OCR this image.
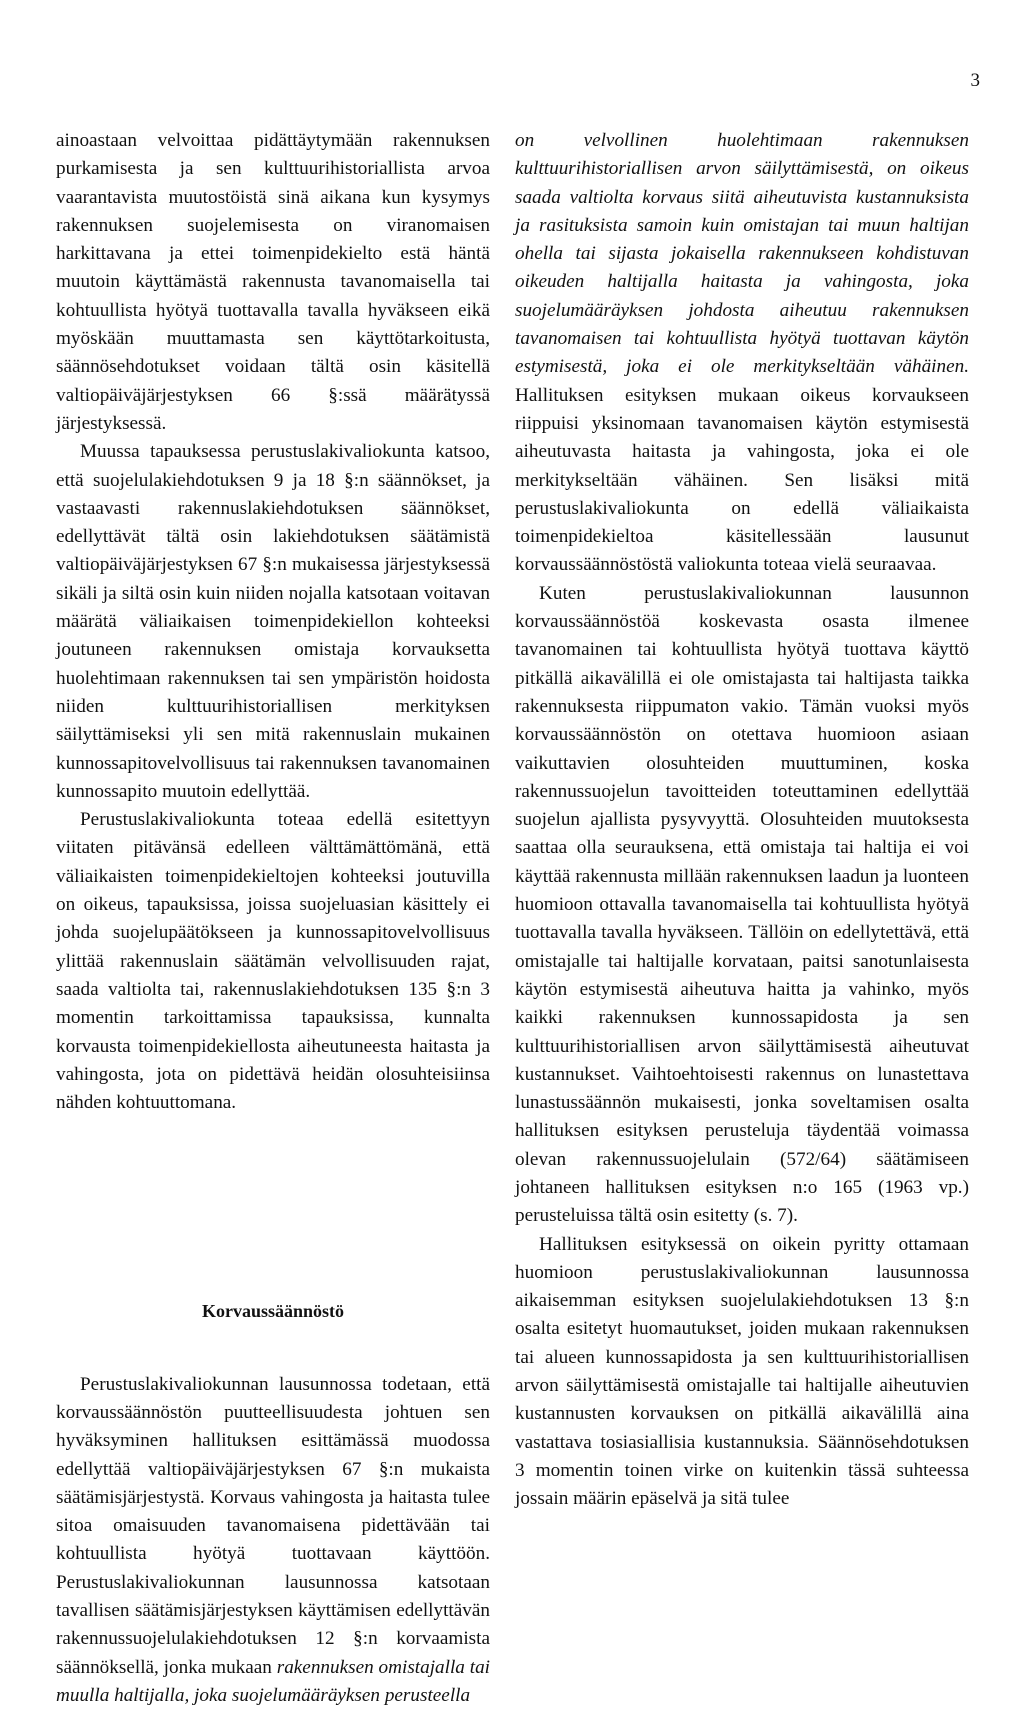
3

ainoastaan velvoittaa pidättäytymään rakennuksen purkamisesta ja sen kulttuurihistoriallista arvoa vaarantavista muutostöistä sinä aikana kun kysymys rakennuksen suojelemisesta on viranomaisen harkittavana ja ettei toimenpidekielto estä häntä muutoin käyttämästä rakennusta tavanomaisella tai kohtuullista hyötyä tuottavalla tavalla hyväkseen eikä myöskään muuttamasta sen käyttötarkoitusta, säännösehdotukset voidaan tältä osin käsitellä valtiopäiväjärjestyksen 66 §:ssä määrätyssä järjestyksessä.

Muussa tapauksessa perustuslakivaliokunta katsoo, että suojelulakiehdotuksen 9 ja 18 §:n säännökset, ja vastaavasti rakennuslakiehdotuksen säännökset, edellyttävät tältä osin lakiehdotuksen säätämistä valtiopäiväjärjestyksen 67 §:n mukaisessa järjestyksessä sikäli ja siltä osin kuin niiden nojalla katsotaan voitavan määrätä väliaikaisen toimenpidekiellon kohteeksi joutuneen rakennuksen omistaja korvauksetta huolehtimaan rakennuksen tai sen ympäristön hoidosta niiden kulttuurihistoriallisen merkityksen säilyttämiseksi yli sen mitä rakennuslain mukainen kunnossapitovelvollisuus tai rakennuksen tavanomainen kunnossapito muutoin edellyttää.

Perustuslakivaliokunta toteaa edellä esitettyyn viitaten pitävänsä edelleen välttämättömänä, että väliaikaisten toimenpidekieltojen kohteeksi joutuvilla on oikeus, tapauksissa, joissa suojeluasian käsittely ei johda suojelupäätökseen ja kunnossapitovelvollisuus ylittää rakennuslain säätämän velvollisuuden rajat, saada valtiolta tai, rakennuslakiehdotuksen 135 §:n 3 momentin tarkoittamissa tapauksissa, kunnalta korvausta toimenpidekiellosta aiheutuneesta haitasta ja vahingosta, jota on pidettävä heidän olosuhteisiinsa nähden kohtuuttomana.

Korvaussäännöstö

Perustuslakivaliokunnan lausunnossa todetaan, että korvaussäännöstön puutteellisuudesta johtuen sen hyväksyminen hallituksen esittämässä muodossa edellyttää valtiopäiväjärjestyksen 67 §:n mukaista säätämisjärjestystä. Korvaus vahingosta ja haitasta tulee sitoa omaisuuden tavanomaisena pidettävään tai kohtuullista hyötyä tuottavaan käyttöön. Perustuslakivaliokunnan lausunnossa katsotaan tavallisen säätämisjärjestyksen käyttämisen edellyttävän rakennussuojelulakiehdotuksen 12 §:n korvaamista säännöksellä, jonka mukaan rakennuksen omistajalla tai muulla haltijalla, joka suojelumääräyksen perusteella

on velvollinen huolehtimaan rakennuksen kulttuurihistoriallisen arvon säilyttämisestä, on oikeus saada valtiolta korvaus siitä aiheutuvista kustannuksista ja rasituksista samoin kuin omistajan tai muun haltijan ohella tai sijasta jokaisella rakennukseen kohdistuvan oikeuden haltijalla haitasta ja vahingosta, joka suojelumääräyksen johdosta aiheutuu rakennuksen tavanomaisen tai kohtuullista hyötyä tuottavan käytön estymisestä, joka ei ole merkitykseltään vähäinen. Hallituksen esityksen mukaan oikeus korvaukseen riippuisi yksinomaan tavanomaisen käytön estymisestä aiheutuvasta haitasta ja vahingosta, joka ei ole merkitykseltään vähäinen. Sen lisäksi mitä perustuslakivaliokunta on edellä väliaikaista toimenpidekieltoa käsitellessään lausunut korvaussäännöstöstä valiokunta toteaa vielä seuraavaa.

Kuten perustuslakivaliokunnan lausunnon korvaussäännöstöä koskevasta osasta ilmenee tavanomainen tai kohtuullista hyötyä tuottava käyttö pitkällä aikavälillä ei ole omistajasta tai haltijasta taikka rakennuksesta riippumaton vakio. Tämän vuoksi myös korvaussäännöstön on otettava huomioon asiaan vaikuttavien olosuhteiden muuttuminen, koska rakennussuojelun tavoitteiden toteuttaminen edellyttää suojelun ajallista pysyvyyttä. Olosuhteiden muutoksesta saattaa olla seurauksena, että omistaja tai haltija ei voi käyttää rakennusta millään rakennuksen laadun ja luonteen huomioon ottavalla tavanomaisella tai kohtuullista hyötyä tuottavalla tavalla hyväkseen. Tällöin on edellytettävä, että omistajalle tai haltijalle korvataan, paitsi sanotunlaisesta käytön estymisestä aiheutuva haitta ja vahinko, myös kaikki rakennuksen kunnossapidosta ja sen kulttuurihistoriallisen arvon säilyttämisestä aiheutuvat kustannukset. Vaihtoehtoisesti rakennus on lunastettava lunastussäännön mukaisesti, jonka soveltamisen osalta hallituksen esityksen perusteluja täydentää voimassa olevan rakennussuojelulain (572/64) säätämiseen johtaneen hallituksen esityksen n:o 165 (1963 vp.) perusteluissa tältä osin esitetty (s. 7).

Hallituksen esityksessä on oikein pyritty ottamaan huomioon perustuslakivaliokunnan lausunnossa aikaisemman esityksen suojelulakiehdotuksen 13 §:n osalta esitetyt huomautukset, joiden mukaan rakennuksen tai alueen kunnossapidosta ja sen kulttuurihistoriallisen arvon säilyttämisestä omistajalle tai haltijalle aiheutuvien kustannusten korvauksen on pitkällä aikavälillä aina vastattava tosiasiallisia kustannuksia. Säännösehdotuksen 3 momentin toinen virke on kuitenkin tässä suhteessa jossain määrin epäselvä ja sitä tulee
